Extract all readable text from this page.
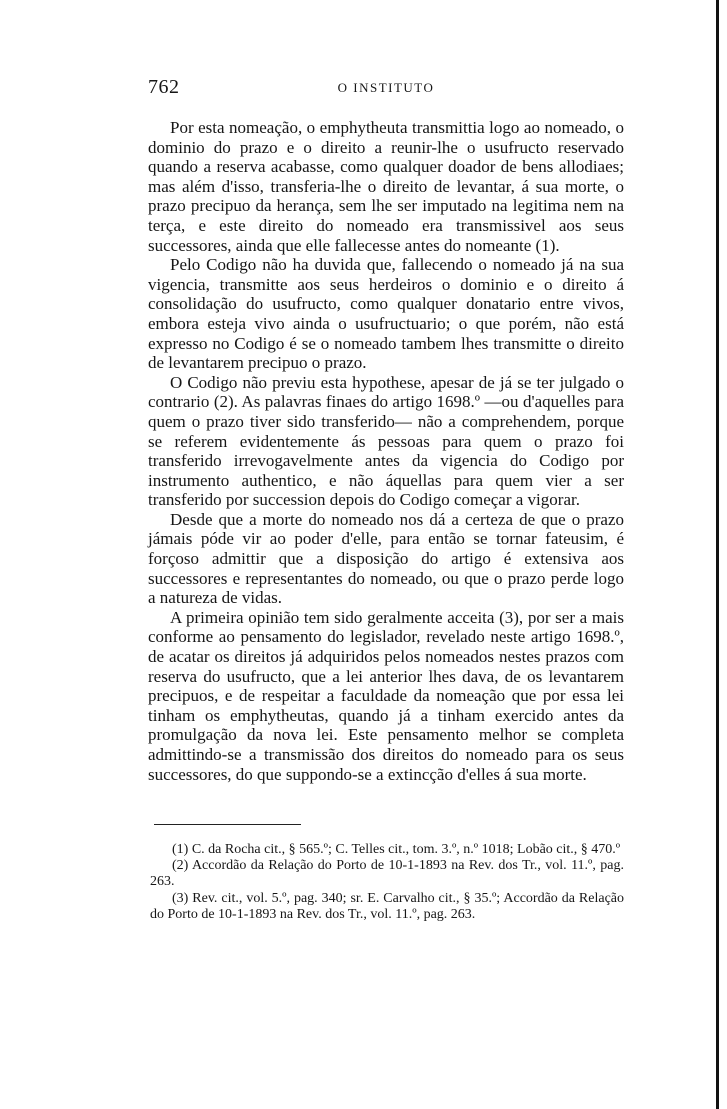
762	O INSTITUTO

Por esta nomeação, o emphytheuta transmittia logo ao nomeado, o dominio do prazo e o direito a reunir-lhe o usufructo reservado quando a reserva acabasse, como qualquer doador de bens allodiaes; mas além d'isso, transferia-lhe o direito de levantar, á sua morte, o prazo precipuo da herança, sem lhe ser imputado na legitima nem na terça, e este direito do nomeado era transmissivel aos seus successores, ainda que elle fallecesse antes do nomeante (1).

Pelo Codigo não ha duvida que, fallecendo o nomeado já na sua vigencia, transmitte aos seus herdeiros o dominio e o direito á consolidação do usufructo, como qualquer donatario entre vivos, embora esteja vivo ainda o usufructuario; o que porém, não está expresso no Codigo é se o nomeado tambem lhes transmitte o direito de levantarem precipuo o prazo.

O Codigo não previu esta hypothese, apesar de já se ter julgado o contrario (2). As palavras finaes do artigo 1698.º —ou d'aquelles para quem o prazo tiver sido transferido— não a comprehendem, porque se referem evidentemente ás pessoas para quem o prazo foi transferido irrevogavelmente antes da vigencia do Codigo por instrumento authentico, e não áquellas para quem vier a ser transferido por succession depois do Codigo começar a vigorar.

Desde que a morte do nomeado nos dá a certeza de que o prazo jámais póde vir ao poder d'elle, para então se tornar fateusim, é forçoso admittir que a disposição do artigo é extensiva aos successores e representantes do nomeado, ou que o prazo perde logo a natureza de vidas.

A primeira opinião tem sido geralmente acceita (3), por ser a mais conforme ao pensamento do legislador, revelado neste artigo 1698.º, de acatar os direitos já adquiridos pelos nomeados nestes prazos com reserva do usufructo, que a lei anterior lhes dava, de os levantarem precipuos, e de respeitar a faculdade da nomeação que por essa lei tinham os emphytheutas, quando já a tinham exercido antes da promulgação da nova lei. Este pensamento melhor se completa admittindo-se a transmissão dos direitos do nomeado para os seus successores, do que suppondo-se a extincção d'elles á sua morte.

(1) C. da Rocha cit., § 565.º; C. Telles cit., tom. 3.º, n.º 1018; Lobão cit., § 470.º

(2) Accordão da Relação do Porto de 10-1-1893 na Rev. dos Tr., vol. 11.º, pag. 263.

(3) Rev. cit., vol. 5.º, pag. 340; sr. E. Carvalho cit., § 35.º; Accordão da Relação do Porto de 10-1-1893 na Rev. dos Tr., vol. 11.º, pag. 263.
